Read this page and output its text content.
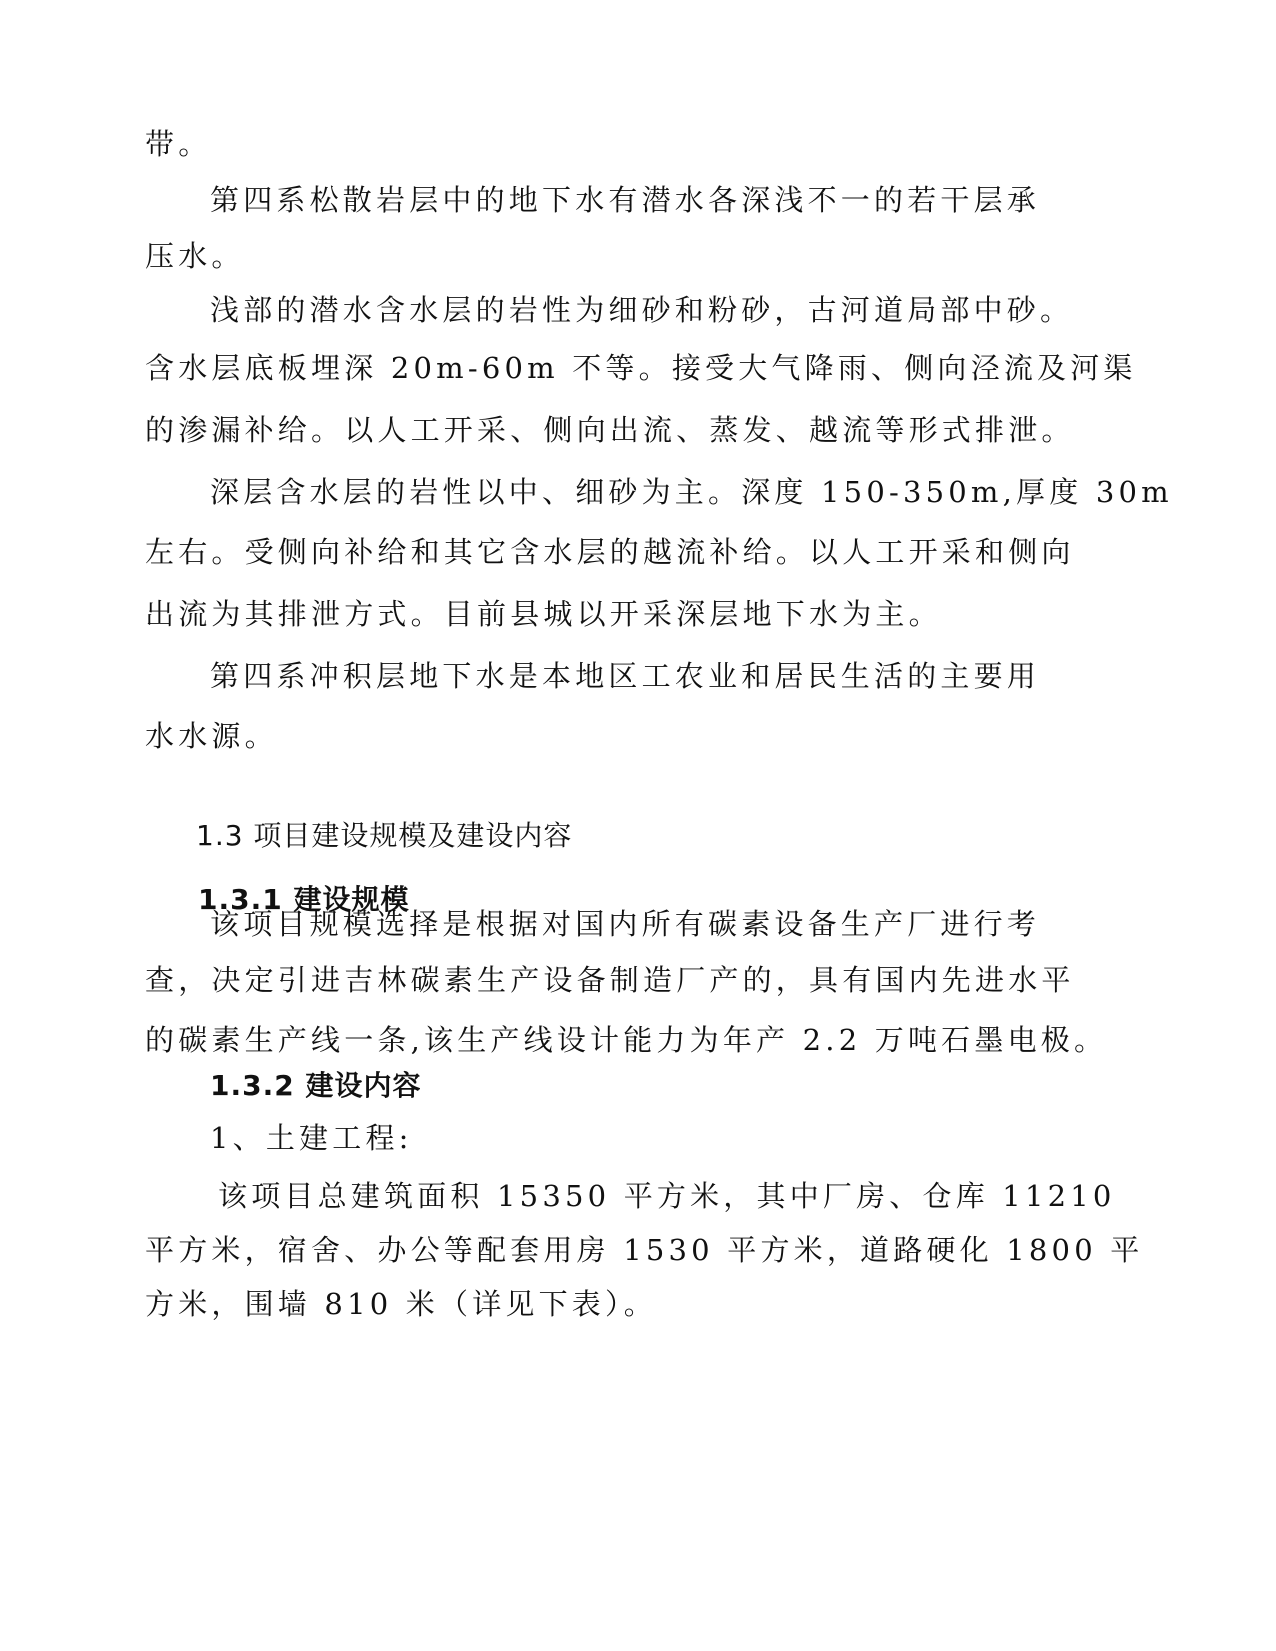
带。
第四系松散岩层中的地下水有潜水各深浅不一的若干层承
压水。
浅部的潜水含水层的岩性为细砂和粉砂，古河道局部中砂。
含水层底板埋深 20m-60m 不等。接受大气降雨、侧向泾流及河渠
的渗漏补给。以人工开采、侧向出流、蒸发、越流等形式排泄。
深层含水层的岩性以中、细砂为主。深度 150-350m,厚度 30m
左右。受侧向补给和其它含水层的越流补给。以人工开采和侧向
出流为其排泄方式。目前县城以开采深层地下水为主。
第四系冲积层地下水是本地区工农业和居民生活的主要用
水水源。
1.3 项目建设规模及建设内容
1.3.1 建设规模
该项目规模选择是根据对国内所有碳素设备生产厂进行考
查，决定引进吉林碳素生产设备制造厂产的，具有国内先进水平
的碳素生产线一条,该生产线设计能力为年产 2.2 万吨石墨电极。
1.3.2 建设内容
1、土建工程:
该项目总建筑面积 15350 平方米，其中厂房、仓库 11210
平方米，宿舍、办公等配套用房 1530 平方米，道路硬化 1800 平
方米，围墙 810 米（详见下表）。
